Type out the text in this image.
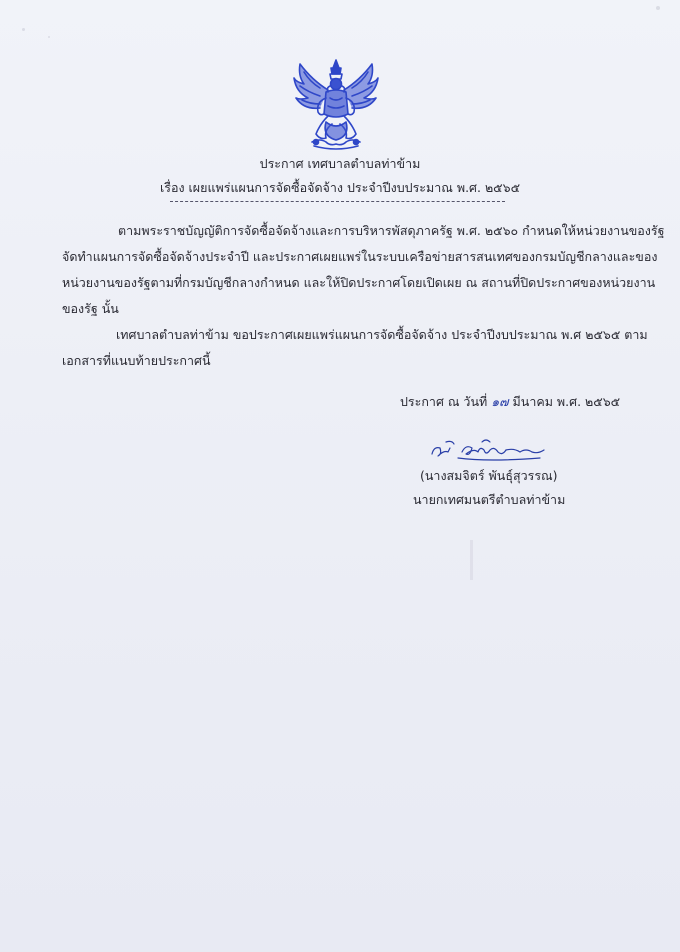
ประกาศ เทศบาลตำบลท่าข้าม
เรื่อง เผยแพร่แผนการจัดซื้อจัดจ้าง ประจำปีงบประมาณ พ.ศ. ๒๕๖๕
ตามพระราชบัญญัติการจัดซื้อจัดจ้างและการบริหารพัสดุภาครัฐ พ.ศ. ๒๕๖๐ กำหนดให้หน่วยงานของรัฐ
จัดทำแผนการจัดซื้อจัดจ้างประจำปี และประกาศเผยแพร่ในระบบเครือข่ายสารสนเทศของกรมบัญชีกลางและของ
หน่วยงานของรัฐตามที่กรมบัญชีกลางกำหนด และให้ปิดประกาศโดยเปิดเผย ณ สถานที่ปิดประกาศของหน่วยงาน
ของรัฐ นั้น
เทศบาลตำบลท่าข้าม ขอประกาศเผยแพร่แผนการจัดซื้อจัดจ้าง ประจำปีงบประมาณ พ.ศ ๒๕๖๕ ตาม
เอกสารที่แนบท้ายประกาศนี้
ประกาศ ณ วันที่ ๑๗ มีนาคม พ.ศ. ๒๕๖๕
(นางสมจิตร์ พันธุ์สุวรรณ)
นายกเทศมนตรีตำบลท่าข้าม
